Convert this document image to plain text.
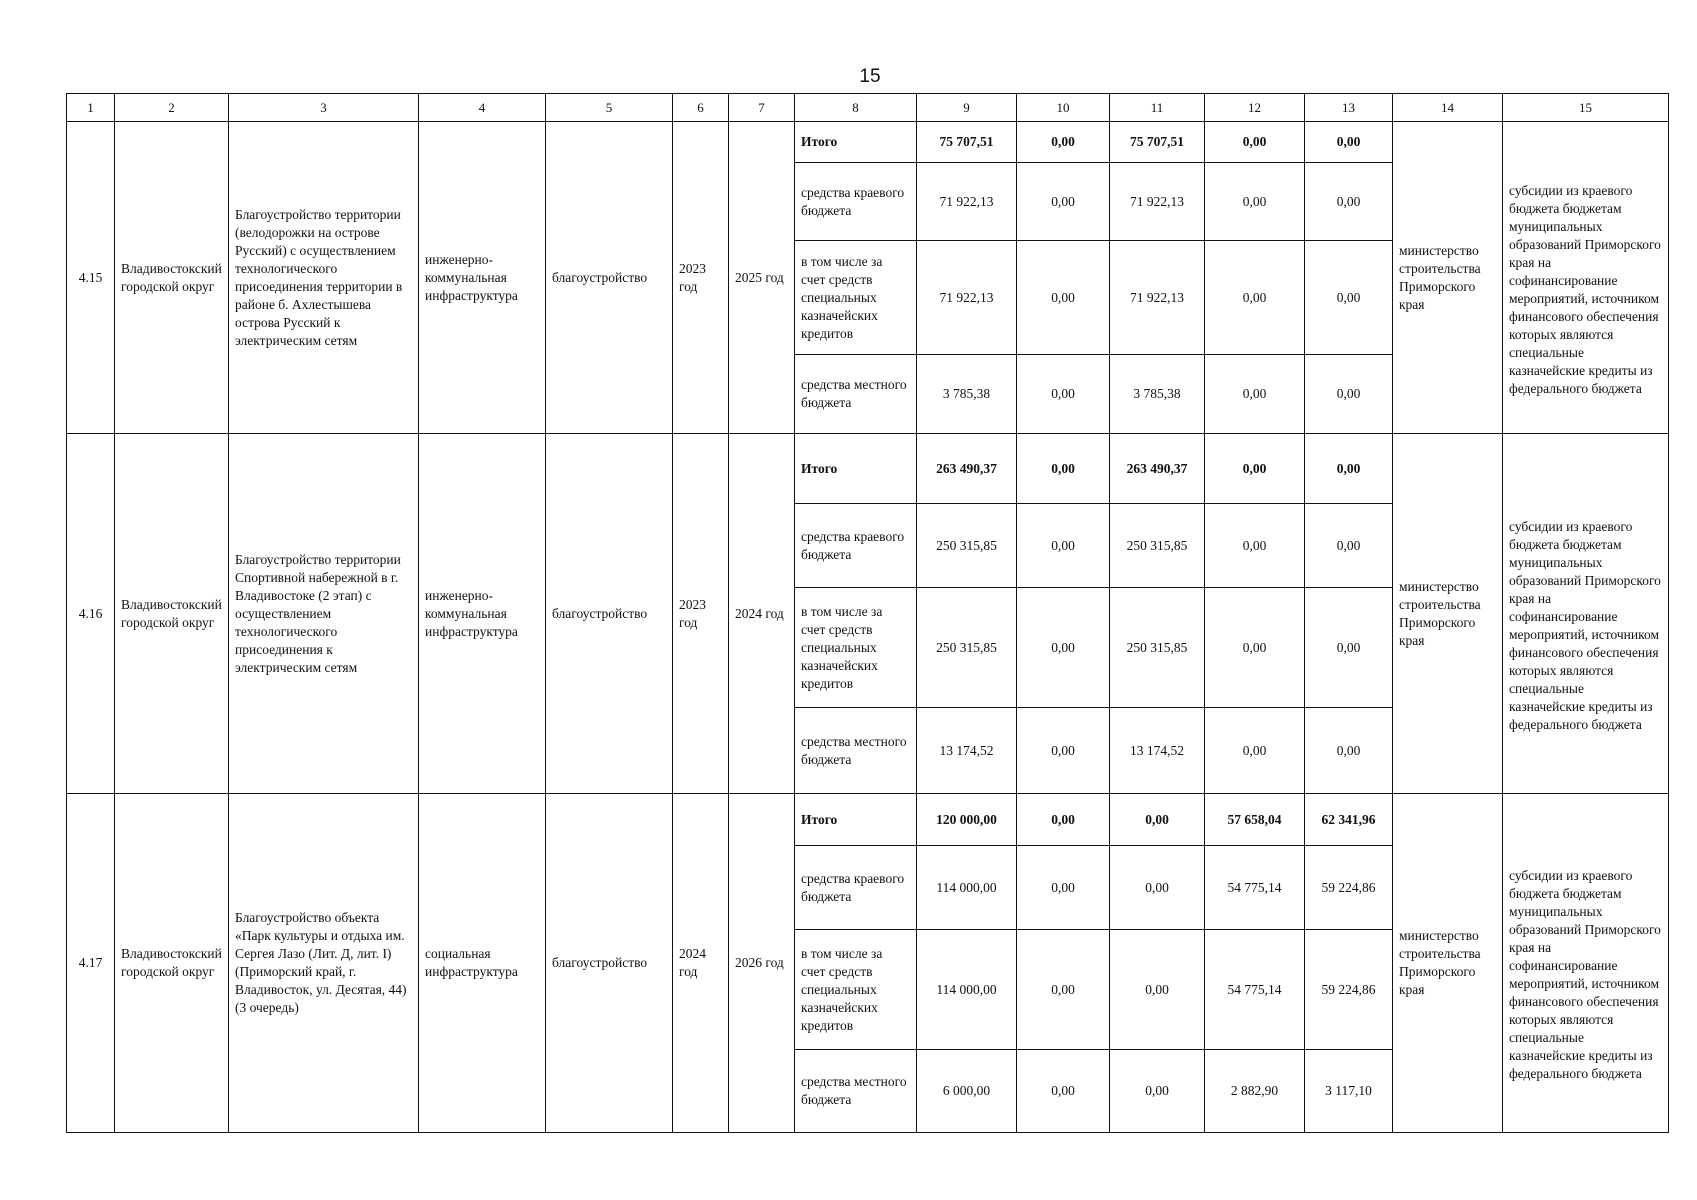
15
1	2	3	4	5	6	7	8	9	10	11	12	13	14	15
4.15	Владивостокский городской округ	Благоустройство территории (велодорожки на острове Русский) с осуществлением технологического присоединения территории в районе б. Ахлестышева острова Русский к электрическим сетям	инженерно-коммунальная инфраструктура	благоустройство	2023 год	2025 год	Итого	75 707,51	0,00	75 707,51	0,00	0,00	министерство строительства Приморского края	субсидии из краевого бюджета бюджетам муниципальных образований Приморского края на софинансирование мероприятий, источником финансового обеспечения которых являются специальные казначейские кредиты из федерального бюджета
							средства краевого бюджета	71 922,13	0,00	71 922,13	0,00	0,00		
							в том числе за счет средств специальных казначейских кредитов	71 922,13	0,00	71 922,13	0,00	0,00		
							средства местного бюджета	3 785,38	0,00	3 785,38	0,00	0,00		
4.16	Владивостокский городской округ	Благоустройство территории Спортивной набережной в г. Владивостоке (2 этап) с осуществлением технологического присоединения к электрическим сетям	инженерно-коммунальная инфраструктура	благоустройство	2023 год	2024 год	Итого	263 490,37	0,00	263 490,37	0,00	0,00	министерство строительства Приморского края	субсидии из краевого бюджета бюджетам муниципальных образований Приморского края на софинансирование мероприятий, источником финансового обеспечения которых являются специальные казначейские кредиты из федерального бюджета
							средства краевого бюджета	250 315,85	0,00	250 315,85	0,00	0,00		
							в том числе за счет средств специальных казначейских кредитов	250 315,85	0,00	250 315,85	0,00	0,00		
							средства местного бюджета	13 174,52	0,00	13 174,52	0,00	0,00		
4.17	Владивостокский городской округ	Благоустройство объекта «Парк культуры и отдыха им. Сергея Лазо (Лит. Д, лит. I) (Приморский край, г. Владивосток, ул. Десятая, 44)(3 очередь)	социальная инфраструктура	благоустройство	2024 год	2026 год	Итого	120 000,00	0,00	0,00	57 658,04	62 341,96	министерство строительства Приморского края	субсидии из краевого бюджета бюджетам муниципальных образований Приморского края на софинансирование мероприятий, источником финансового обеспечения которых являются специальные казначейские кредиты из федерального бюджета
							средства краевого бюджета	114 000,00	0,00	0,00	54 775,14	59 224,86		
							в том числе за счет средств специальных казначейских кредитов	114 000,00	0,00	0,00	54 775,14	59 224,86		
							средства местного бюджета	6 000,00	0,00	0,00	2 882,90	3 117,10		
